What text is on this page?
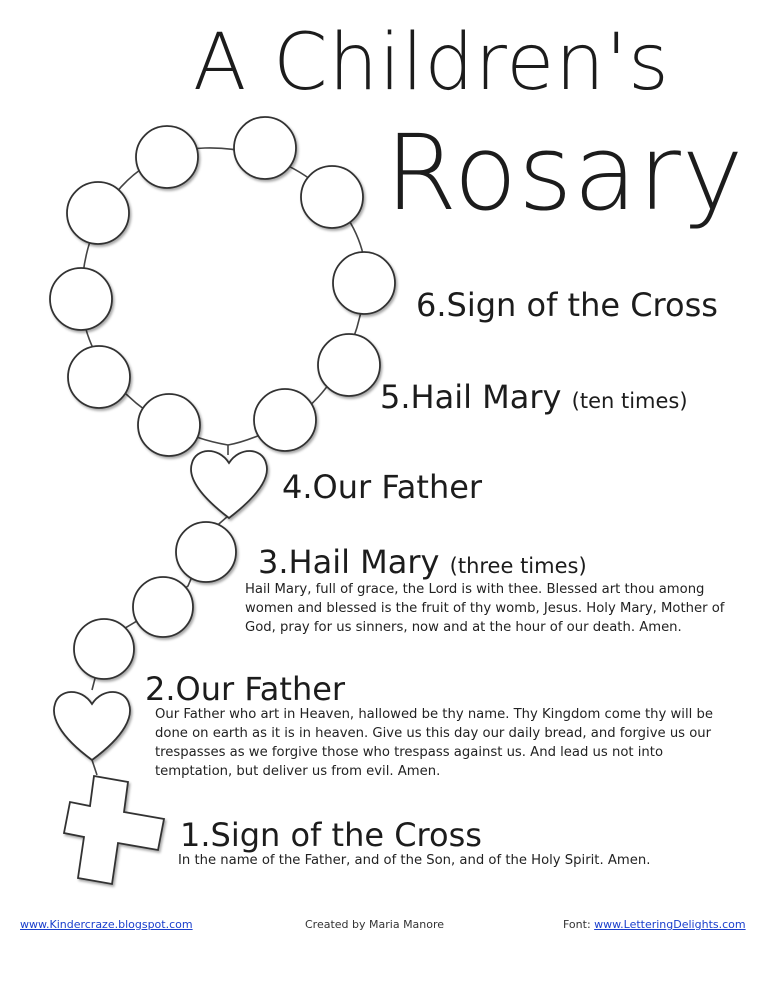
A Children's
Rosary
6.Sign of the Cross
5.Hail Mary (ten times)
4.Our Father
3.Hail Mary (three times)
Hail Mary, full of grace, the Lord is with thee. Blessed art thou among women and blessed is the fruit of thy womb, Jesus. Holy Mary, Mother of God, pray for us sinners, now and at the hour of our death. Amen.
2.Our Father
Our Father who art in Heaven, hallowed be thy name. Thy Kingdom come thy will be done on earth as it is in heaven. Give us this day our daily bread, and forgive us our trespasses as we forgive those who trespass against us. And lead us not into temptation, but deliver us from evil. Amen.
1.Sign of the Cross
In the name of the Father, and of the Son, and of the Holy Spirit. Amen.
www.Kindercraze.blogspot.com	Created by Maria Manore	Font: www.LetteringDelights.com
